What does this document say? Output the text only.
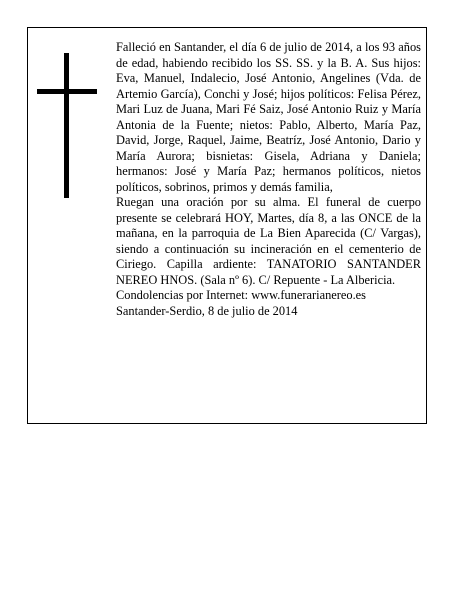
Falleció en Santander, el día 6 de julio de 2014, a los 93 años de edad, habiendo recibido los SS. SS. y la B. A. Sus hijos: Eva, Manuel, Indalecio, José Antonio, Angelines (Vda. de Artemio García), Conchi y José; hijos políticos: Felisa Pérez, Mari Luz de Juana, Mari Fé Saiz, José Antonio Ruiz y María Antonia de la Fuente; nietos: Pablo, Alberto, María Paz, David, Jorge, Raquel, Jaime, Beatríz, José Antonio, Dario y María Aurora; bisnietas: Gisela, Adriana y Daniela; hermanos: José y María Paz; hermanos políticos, nietos políticos, sobrinos, primos y demás familia,

Ruegan una oración por su alma. El funeral de cuerpo presente se celebrará HOY, Martes, día 8, a las ONCE de la mañana, en la parroquia de La Bien Aparecida (C/ Vargas), siendo a continuación su incineración en el cementerio de Ciriego. Capilla ardiente: TANATORIO SANTANDER NEREO HNOS. (Sala nº 6). C/ Repuente - La Albericia.

Condolencias por Internet: www.funerarianereo.es

Santander-Serdio, 8 de julio de 2014
